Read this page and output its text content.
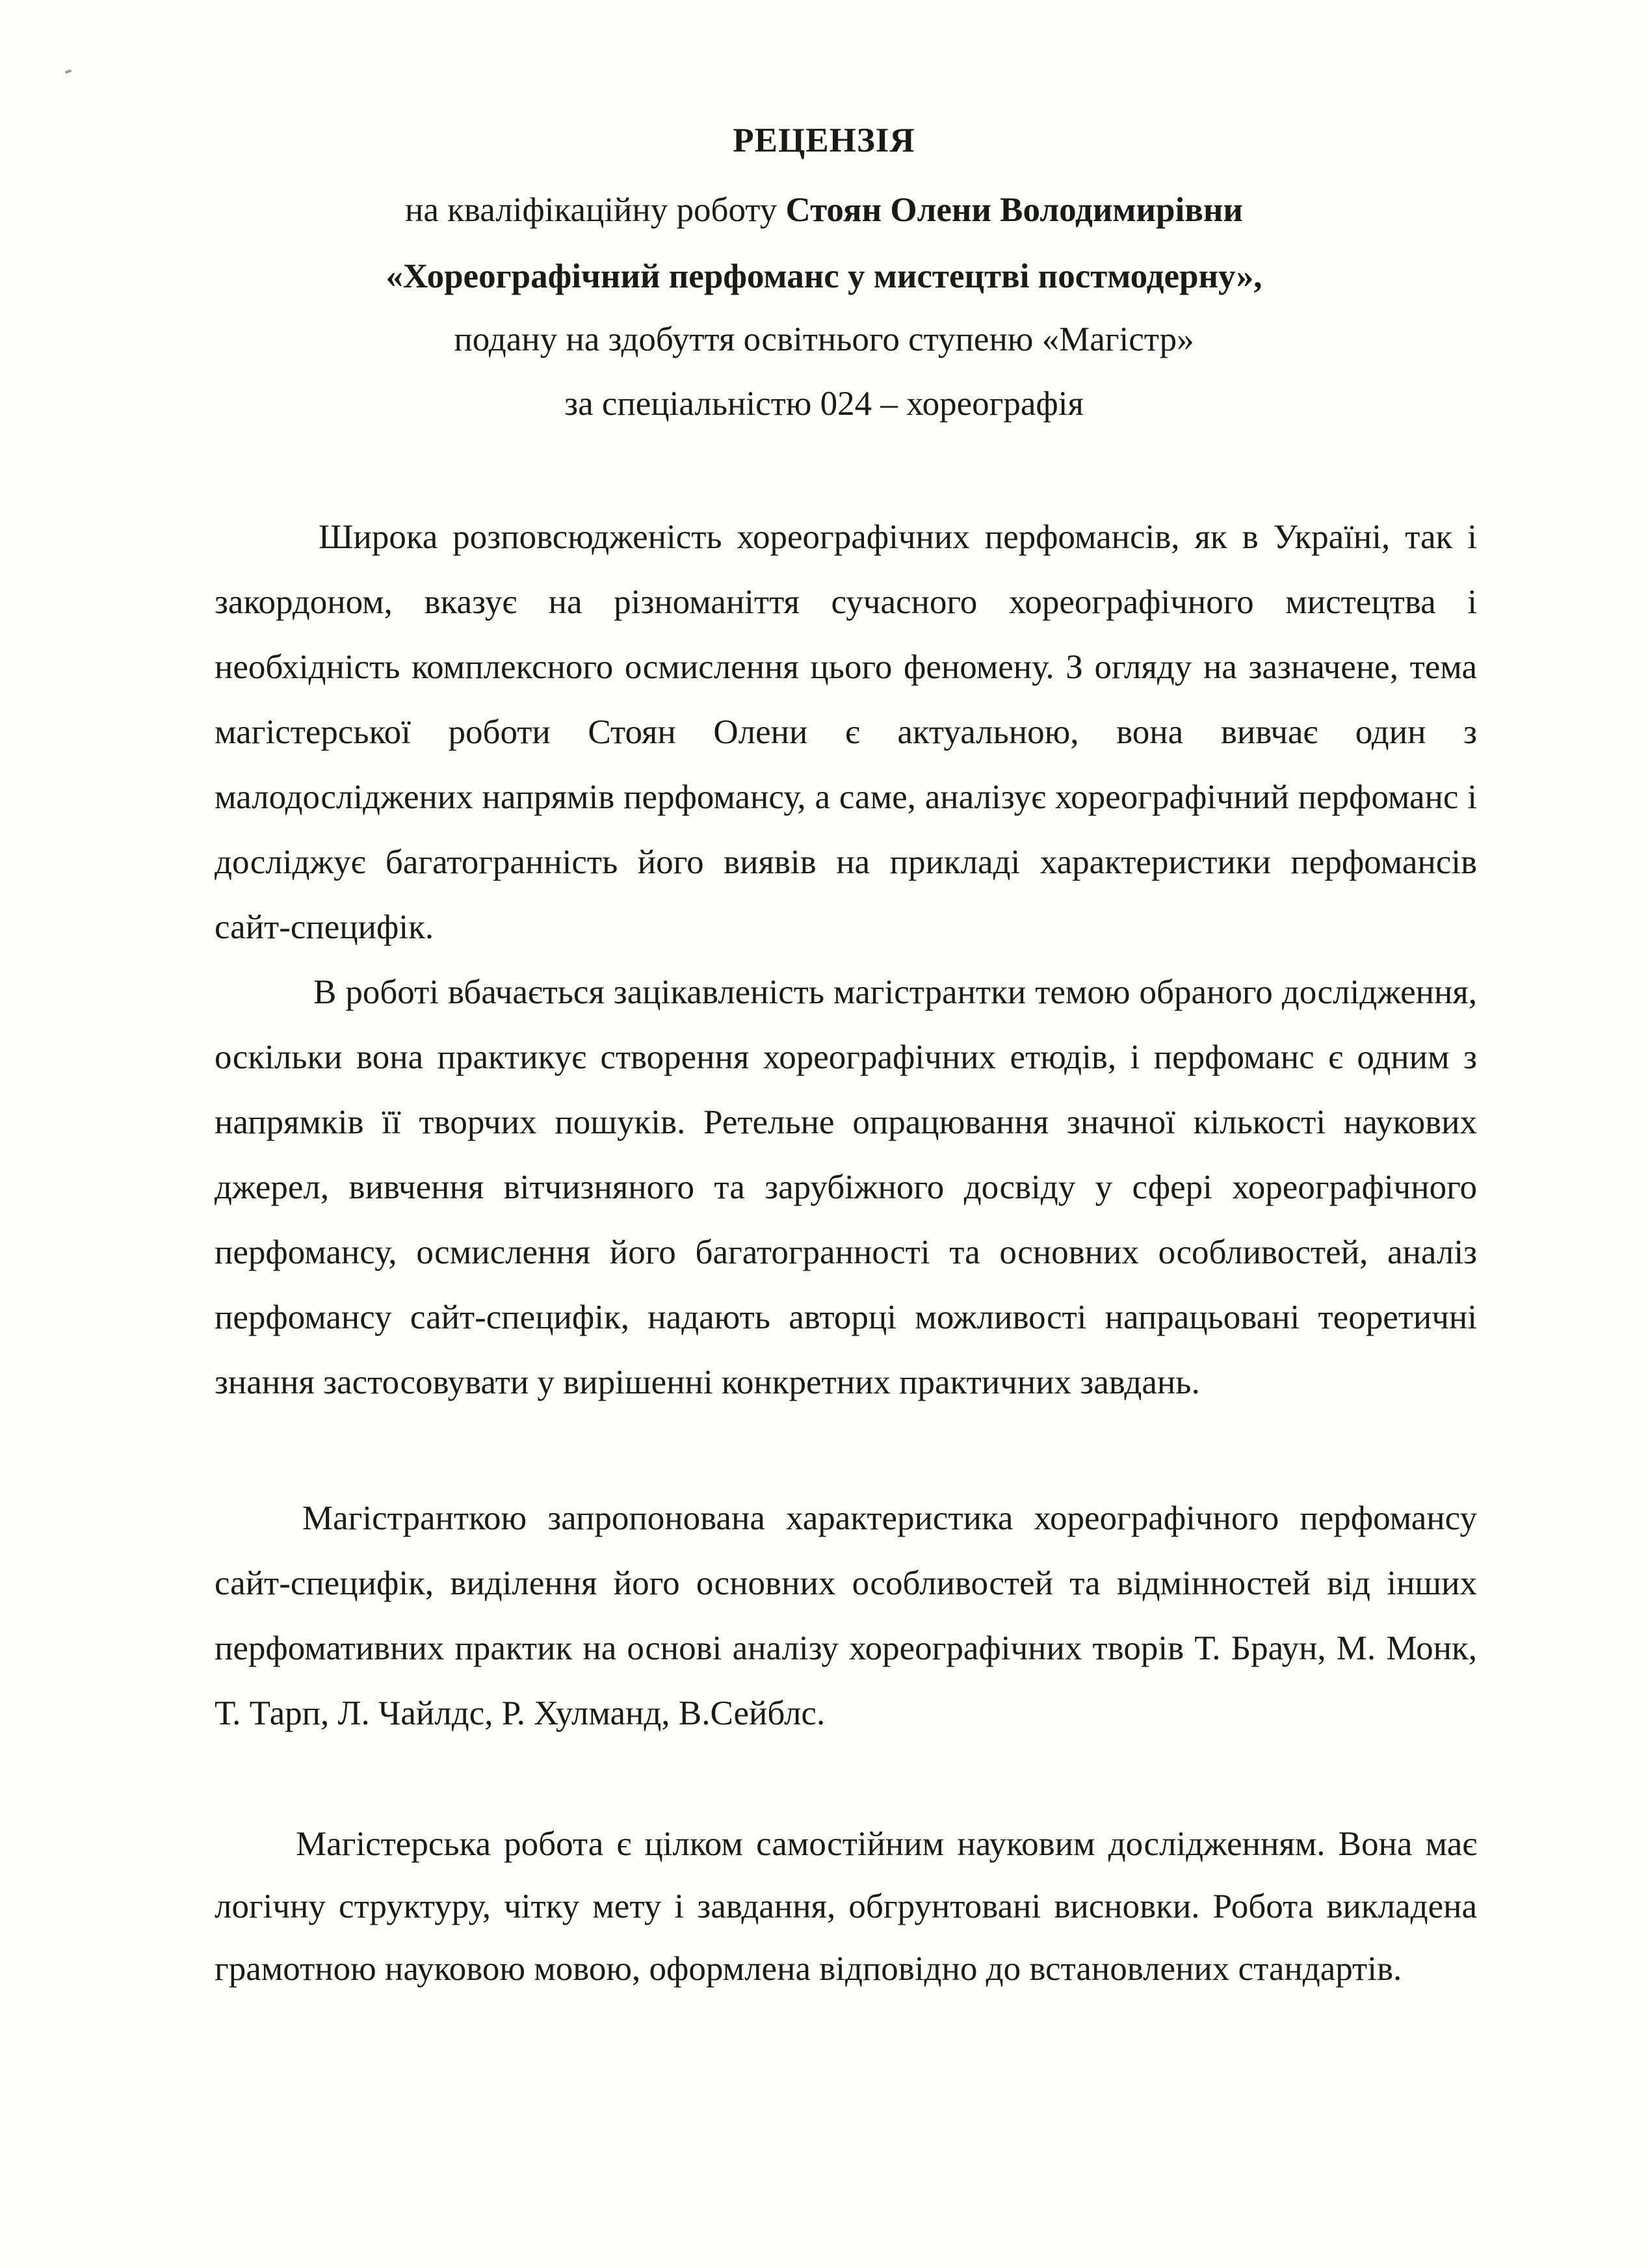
РЕЦЕНЗІЯ
на кваліфікаційну роботу Стоян Олени Володимирівни
«Хореографічний перфоманс у мистецтві постмодерну»,
подану на здобуття освітнього ступеню «Магістр»
за спеціальністю 024 – хореографія

Широка розповсюдженість хореографічних перфомансів, як в Україні, так і закордоном, вказує на різноманіття сучасного хореографічного мистецтва і необхідність комплексного осмислення цього феномену. З огляду на зазначене, тема магістерської роботи Стоян Олени є актуальною, вона вивчає один з малодосліджених напрямів перфомансу, а саме, аналізує хореографічний перфоманс і досліджує багатогранність його виявів на прикладі характеристики перфомансів сайт-специфік.

В роботі вбачається зацікавленість магістрантки темою обраного дослідження, оскільки вона практикує створення хореографічних етюдів, і перфоманс є одним з напрямків її творчих пошуків. Ретельне опрацювання значної кількості наукових джерел, вивчення вітчизняного та зарубіжного досвіду у сфері хореографічного перфомансу, осмислення його багатогранності та основних особливостей, аналіз перфомансу сайт-специфік, надають авторці можливості напрацьовані теоретичні знання застосовувати у вирішенні конкретних практичних завдань.

Магістранткою запропонована характеристика хореографічного перфомансу сайт-специфік, виділення його основних особливостей та відмінностей від інших перфомативних практик на основі аналізу хореографічних творів Т. Браун, М. Монк, Т. Тарп, Л. Чайлдс, Р. Хулманд, В.Сейблс.

Магістерська робота є цілком самостійним науковим дослідженням. Вона має логічну структуру, чітку мету і завдання, обгрунтовані висновки. Робота викладена грамотною науковою мовою, оформлена відповідно до встановлених стандартів.
